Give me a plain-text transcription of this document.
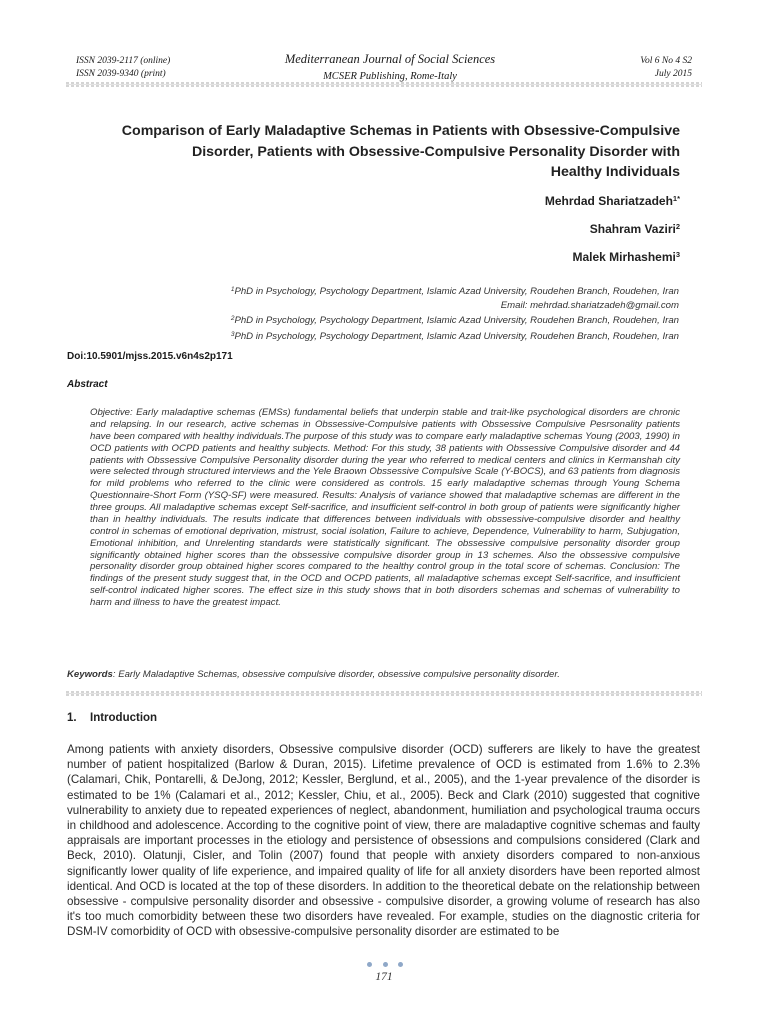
ISSN 2039-2117 (online)
ISSN 2039-9340 (print)
Mediterranean Journal of Social Sciences
MCSER Publishing, Rome-Italy
Vol 6 No 4 S2
July 2015
Comparison of Early Maladaptive Schemas in Patients with Obsessive-Compulsive
Disorder, Patients with Obsessive-Compulsive Personality Disorder with
Healthy Individuals
Mehrdad Shariatzadeh$^{1*}$
Shahram Vaziri$^2$
Malek Mirhashemi$^3$
$^1$PhD in Psychology, Psychology Department, Islamic Azad University, Roudehen Branch, Roudehen, Iran
Email: mehrdad.shariatzadeh@gmail.com
$^2$PhD in Psychology, Psychology Department, Islamic Azad University, Roudehen Branch, Roudehen, Iran
$^3$PhD in Psychology, Psychology Department, Islamic Azad University, Roudehen Branch, Roudehen, Iran
Doi:10.5901/mjss.2015.v6n4s2p171
Abstract
Objective: Early maladaptive schemas (EMSs) fundamental beliefs that underpin stable and trait-like psychological disorders are chronic and relapsing. In our research, active schemas in Obssessive-Compulsive patients with Obssessive Compulsive Pesrsonality patients have been compared with healthy individuals.The purpose of this study was to compare early maladaptive schemas Young (2003, 1990) in OCD patients with OCPD patients and healthy subjects. Method: For this study, 38 patients with Obssessive Compulsive disorder and 44 patients with Obssessive Compulsive Personality disorder during the year who referred to medical centers and clinics in Kermanshah city were selected through structured interviews and the Yele Braown Obssessive Compulsive Scale (Y-BOCS), and 63 patients from diagnosis for mild problems who referred to the clinic were considered as controls. 15 early maladaptive schemas through Young Schema Questionnaire-Short Form (YSQ-SF) were measured. Results: Analysis of variance showed that maladaptive schemas are different in the three groups. All maladaptive schemas except Self-sacrifice, and insufficient self-control in both group of patients were significantly higher than in healthy individuals. The results indicate that differences between individuals with obssessive-compulsive disorder and healthy control in schemas of emotional deprivation, mistrust, social isolation, Failure to achieve, Dependence, Vulnerability to harm, Subjugation, Emotional inhibition, and Unrelenting standards were statistically significant. The obssessive compulsive personality disorder group significantly obtained higher scores than the obssessive compulsive disorder group in 13 schemes. Also the obssessive compulsive personality disorder group obtained higher scores compared to the healthy control group in the total score of schemas. Conclusion: The findings of the present study suggest that, in the OCD and OCPD patients, all maladaptive schemas except Self-sacrifice, and insufficient self-control indicated higher scores. The effect size in this study shows that in both disorders schemas and schemas of vulnerability to harm and illness to have the greatest impact.
Keywords: Early Maladaptive Schemas, obsessive compulsive disorder, obsessive compulsive personality disorder.
1. Introduction

Among patients with anxiety disorders, Obsessive compulsive disorder (OCD) sufferers are likely to have the greatest number of patient hospitalized (Barlow & Duran, 2015). Lifetime prevalence of OCD is estimated from 1.6% to 2.3% (Calamari, Chik, Pontarelli, & DeJong, 2012; Kessler, Berglund, et al., 2005), and the 1-year prevalence of the disorder is estimated to be 1% (Calamari et al., 2012; Kessler, Chiu, et al., 2005). Beck and Clark (2010) suggested that cognitive vulnerability to anxiety due to repeated experiences of neglect, abandonment, humiliation and psychological trauma occurs in childhood and adolescence. According to the cognitive point of view, there are maladaptive cognitive schemas and faulty appraisals are important processes in the etiology and persistence of obsessions and compulsions considered (Clark and Beck, 2010). Olatunji, Cisler, and Tolin (2007) found that people with anxiety disorders compared to non-anxious significantly lower quality of life experience, and impaired quality of life for all anxiety disorders have been reported almost identical. And OCD is located at the top of these disorders. In addition to the theoretical debate on the relationship between obsessive - compulsive personality disorder and obsessive - compulsive disorder, a growing volume of research has also it's too much comorbidity between these two disorders have revealed. For example, studies on the diagnostic criteria for DSM-IV comorbidity of OCD with obsessive-compulsive personality disorder are estimated to be

171
